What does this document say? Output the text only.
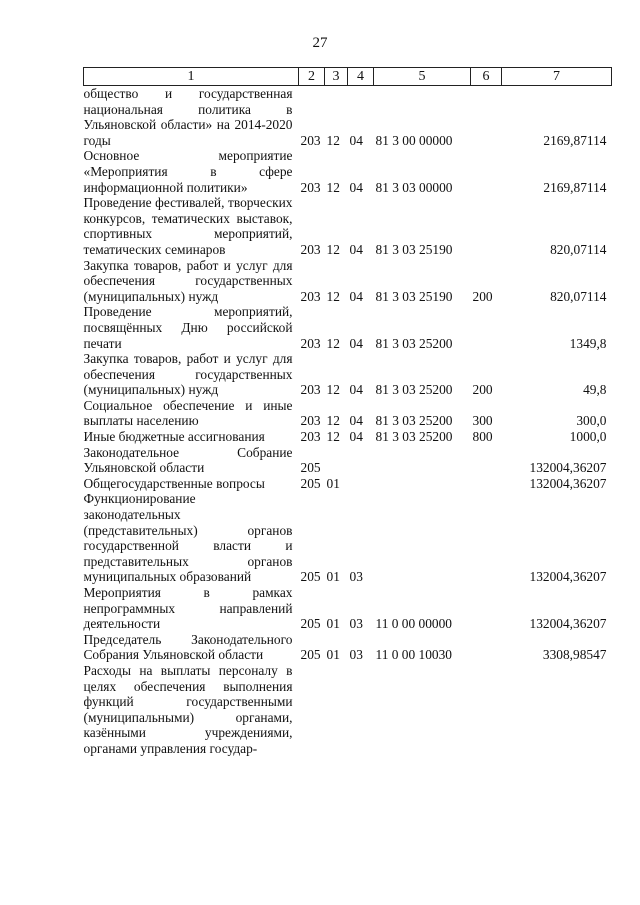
27
1	2	3	4	5	6	7
общество и государственная национальная политика в Ульяновской области» на 2014-2020 годы	203	12	04	81 3 00 00000		2169,87114
Основное мероприятие «Мероприятия в сфере информационной политики»	203	12	04	81 3 03 00000		2169,87114
Проведение фестивалей, творческих конкурсов, тематических выставок, спортивных мероприятий, тематических семинаров	203	12	04	81 3 03 25190		820,07114
Закупка товаров, работ и услуг для обеспечения государственных (муниципальных) нужд	203	12	04	81 3 03 25190	200	820,07114
Проведение мероприятий, посвящённых Дню российской печати	203	12	04	81 3 03 25200		1349,8
Закупка товаров, работ и услуг для обеспечения государственных (муниципальных) нужд	203	12	04	81 3 03 25200	200	49,8
Социальное обеспечение и иные выплаты населению	203	12	04	81 3 03 25200	300	300,0
Иные бюджетные ассигнования	203	12	04	81 3 03 25200	800	1000,0
Законодательное Собрание Ульяновской области	205					132004,36207
Общегосударственные вопросы	205	01				132004,36207
Функционирование законодательных (представительных) органов государственной власти и представительных органов муниципальных образований	205	01	03			132004,36207
Мероприятия в рамках непрограммных направлений деятельности	205	01	03	11 0 00 00000		132004,36207
Председатель Законодательного Собрания Ульяновской области	205	01	03	11 0 00 10030		3308,98547
Расходы на выплаты персоналу в целях обеспечения выполнения функций государственными (муниципальными) органами, казёнными учреждениями, органами управления государ-						
